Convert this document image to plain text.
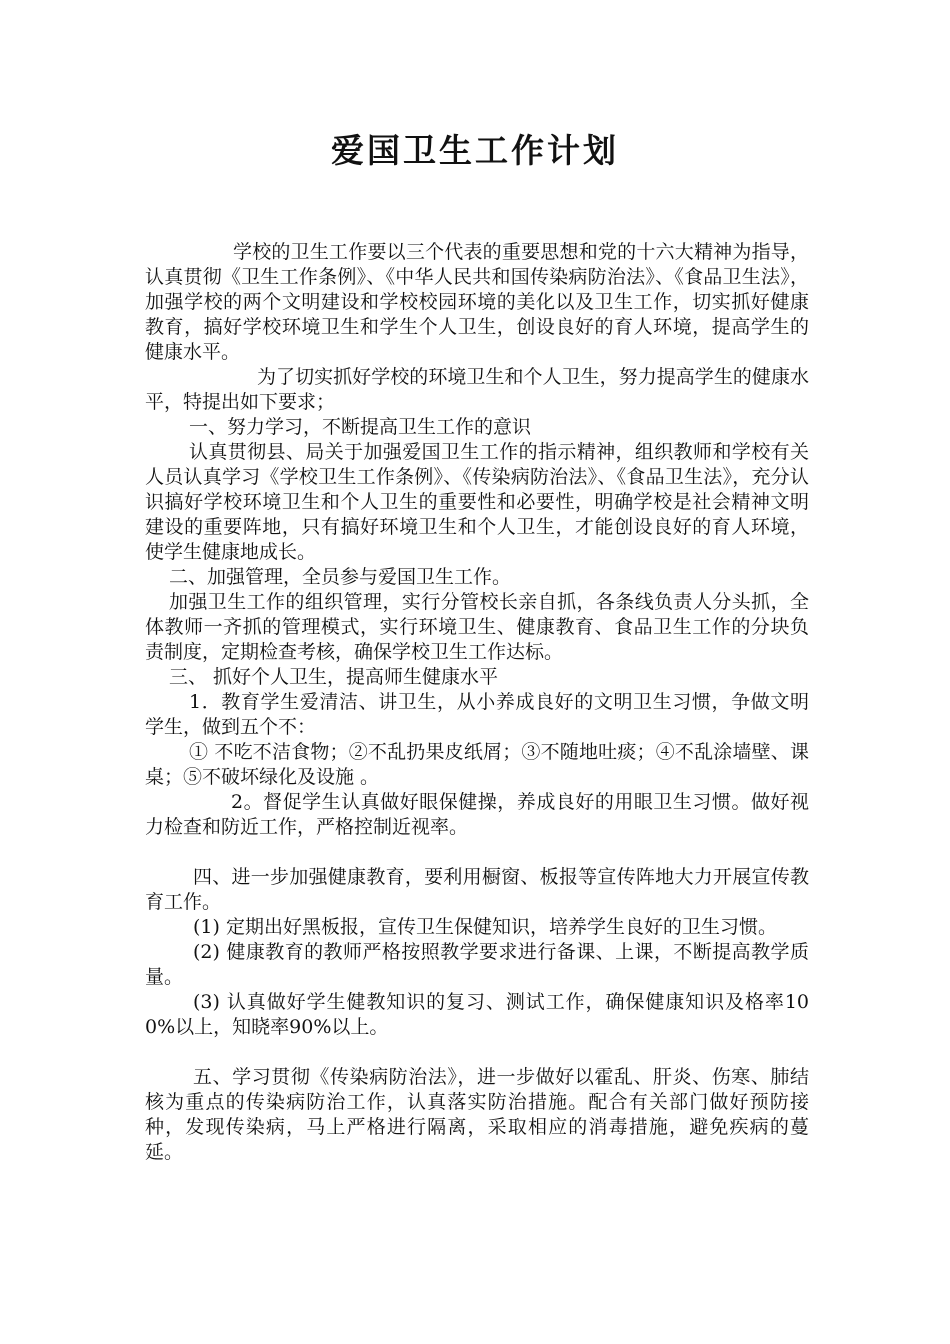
爱国卫生工作计划

学校的卫生工作要以三个代表的重要思想和党的十六大精神为指导，认真贯彻《卫生工作条例》、《中华人民共和国传染病防治法》、《食品卫生法》，加强学校的两个文明建设和学校校园环境的美化以及卫生工作，切实抓好健康教育，搞好学校环境卫生和学生个人卫生，创设良好的育人环境，提高学生的健康水平。

为了切实抓好学校的环境卫生和个人卫生，努力提高学生的健康水平，特提出如下要求；

一、努力学习，不断提高卫生工作的意识

认真贯彻县、局关于加强爱国卫生工作的指示精神，组织教师和学校有关人员认真学习《学校卫生工作条例》、《传染病防治法》、《食品卫生法》，充分认识搞好学校环境卫生和个人卫生的重要性和必要性，明确学校是社会精神文明建设的重要阵地，只有搞好环境卫生和个人卫生，才能创设良好的育人环境，使学生健康地成长。

二、加强管理，全员参与爱国卫生工作。

加强卫生工作的组织管理，实行分管校长亲自抓，各条线负责人分头抓，全体教师一齐抓的管理模式，实行环境卫生、健康教育、食品卫生工作的分块负责制度，定期检查考核，确保学校卫生工作达标。

三、 抓好个人卫生，提高师生健康水平

1．教育学生爱清洁、讲卫生，从小养成良好的文明卫生习惯，争做文明学生，做到五个不：

① 不吃不洁食物；②不乱扔果皮纸屑；③不随地吐痰；④不乱涂墙壁、课桌；⑤不破坏绿化及设施 。

2。督促学生认真做好眼保健操，养成良好的用眼卫生习惯。做好视力检查和防近工作，严格控制近视率。

四、进一步加强健康教育，要利用橱窗、板报等宣传阵地大力开展宣传教育工作。

(1) 定期出好黑板报，宣传卫生保健知识，培养学生良好的卫生习惯。

(2) 健康教育的教师严格按照教学要求进行备课、上课，不断提高教学质量。

(3) 认真做好学生健教知识的复习、测试工作，确保健康知识及格率100%以上，知晓率90%以上。

五、学习贯彻《传染病防治法》，进一步做好以霍乱、肝炎、伤寒、肺结核为重点的传染病防治工作，认真落实防治措施。配合有关部门做好预防接种，发现传染病，马上严格进行隔离，采取相应的消毒措施，避免疾病的蔓延。
